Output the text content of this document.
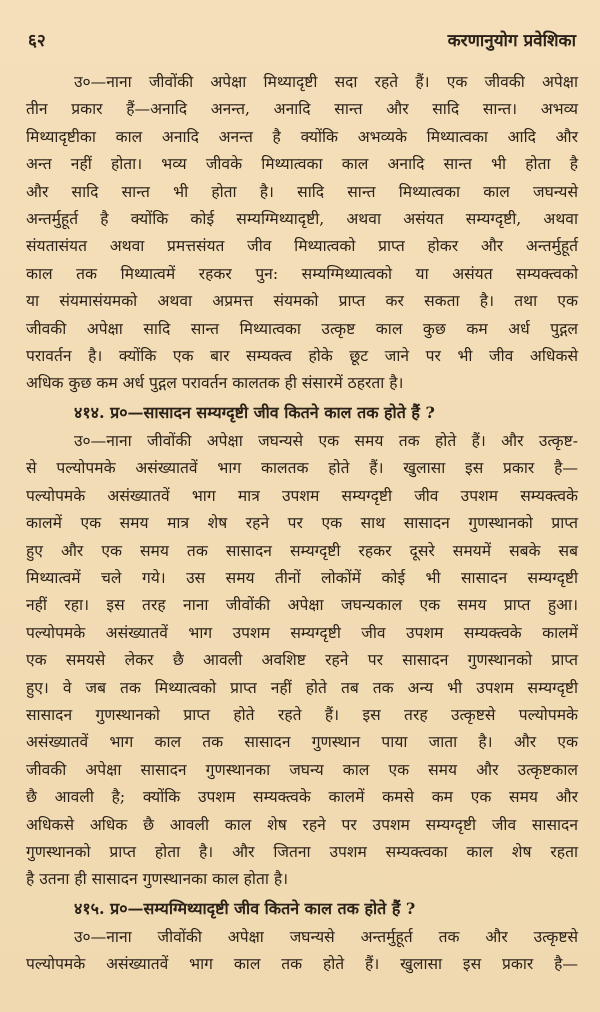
६२	करणानुयोग प्रवेशिका
उ०—नाना जीवोंकी अपेक्षा मिथ्यादृष्टी सदा रहते हैं। एक जीवकी अपेक्षा
तीन प्रकार हैं—अनादि अनन्त, अनादि सान्त और सादि सान्त। अभव्य
मिथ्यादृष्टीका काल अनादि अनन्त है क्योंकि अभव्यके मिथ्यात्वका आदि और
अन्त नहीं होता। भव्य जीवके मिथ्यात्वका काल अनादि सान्त भी होता है
और सादि सान्त भी होता है। सादि सान्त मिथ्यात्वका काल जघन्यसे
अन्तर्मुहूर्त है क्योंकि कोई सम्यग्मिथ्यादृष्टी, अथवा असंयत सम्यग्दृष्टी, अथवा
संयतासंयत अथवा प्रमत्तसंयत जीव मिथ्यात्वको प्राप्त होकर और अन्तर्मुहूर्त
काल तक मिथ्यात्वमें रहकर पुन: सम्यग्मिथ्यात्वको या असंयत सम्यक्त्वको
या संयमासंयमको अथवा अप्रमत्त संयमको प्राप्त कर सकता है। तथा एक
जीवकी अपेक्षा सादि सान्त मिथ्यात्वका उत्कृष्ट काल कुछ कम अर्ध पुद्गल
परावर्तन है। क्योंकि एक बार सम्यक्त्व होके छूट जाने पर भी जीव अधिकसे
अधिक कुछ कम अर्ध पुद्गल परावर्तन कालतक ही संसारमें ठहरता है।
४१४. प्र०—सासादन सम्यग्दृष्टी जीव कितने काल तक होते हैं ?
उ०—नाना जीवोंकी अपेक्षा जघन्यसे एक समय तक होते हैं। और उत्कृष्ट-
से पल्योपमके असंख्यातवें भाग कालतक होते हैं। खुलासा इस प्रकार है—
पल्योपमके असंख्यातवें भाग मात्र उपशम सम्यग्दृष्टी जीव उपशम सम्यक्त्वके
कालमें एक समय मात्र शेष रहने पर एक साथ सासादन गुणस्थानको प्राप्त
हुए और एक समय तक सासादन सम्यग्दृष्टी रहकर दूसरे समयमें सबके सब
मिथ्यात्वमें चले गये। उस समय तीनों लोकोंमें कोई भी सासादन सम्यग्दृष्टी
नहीं रहा। इस तरह नाना जीवोंकी अपेक्षा जघन्यकाल एक समय प्राप्त हुआ।
पल्योपमके असंख्यातवें भाग उपशम सम्यग्दृष्टी जीव उपशम सम्यक्त्वके कालमें
एक समयसे लेकर छै आवली अवशिष्ट रहने पर सासादन गुणस्थानको प्राप्त
हुए। वे जब तक मिथ्यात्वको प्राप्त नहीं होते तब तक अन्य भी उपशम सम्यग्दृष्टी
सासादन गुणस्थानको प्राप्त होते रहते हैं। इस तरह उत्कृष्टसे पल्योपमके
असंख्यातवें भाग काल तक सासादन गुणस्थान पाया जाता है। और एक
जीवकी अपेक्षा सासादन गुणस्थानका जघन्य काल एक समय और उत्कृष्टकाल
छै आवली है; क्योंकि उपशम सम्यक्त्वके कालमें कमसे कम एक समय और
अधिकसे अधिक छै आवली काल शेष रहने पर उपशम सम्यग्दृष्टी जीव सासादन
गुणस्थानको प्राप्त होता है। और जितना उपशम सम्यक्त्वका काल शेष रहता
है उतना ही सासादन गुणस्थानका काल होता है।
४१५. प्र०—सम्यग्मिथ्यादृष्टी जीव कितने काल तक होते हैं ?
उ०—नाना जीवोंकी अपेक्षा जघन्यसे अन्तर्मुहूर्त तक और उत्कृष्टसे
पल्योपमके असंख्यातवें भाग काल तक होते हैं। खुलासा इस प्रकार है—
